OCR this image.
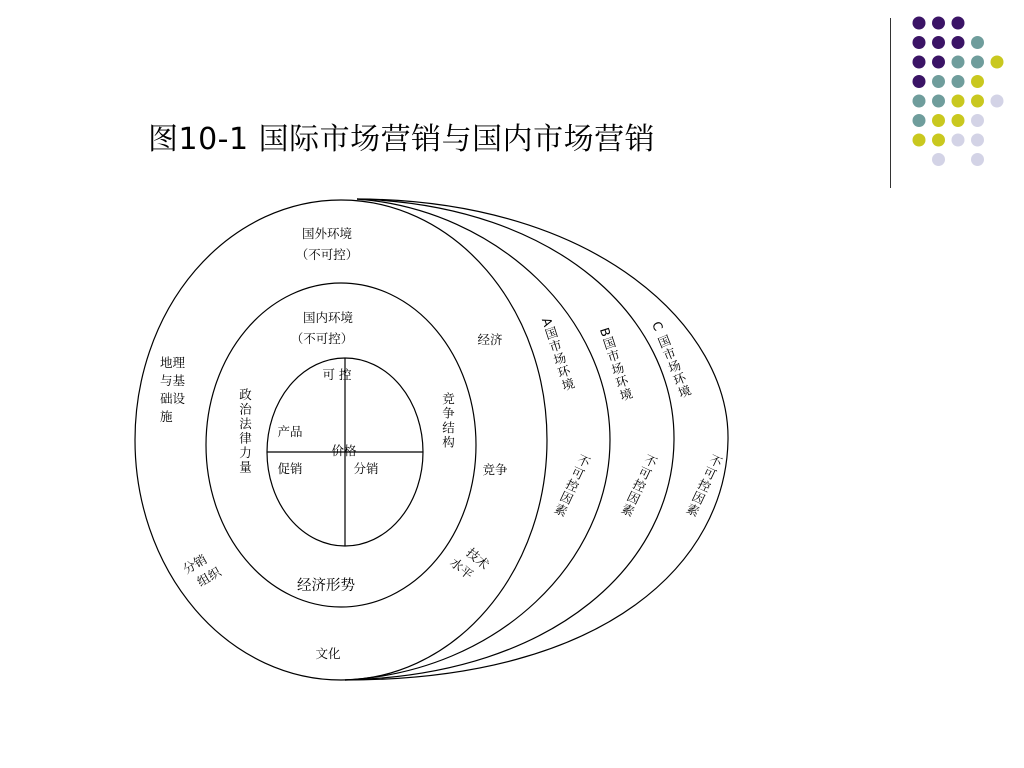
图10-1 国际市场营销与国内市场营销
国外环境
（不可控）
国内环境
（不可控）
可 控
产品
价格
促销	分销
政治法律力量	竞争结构
经济形势
地理
与基
础设
施
经济
竞争
分销
组织
技术
水平
文化
A国市场环境 B国市场环境 C 国市场环境
不可控因素 不可控因素 不可控因素
